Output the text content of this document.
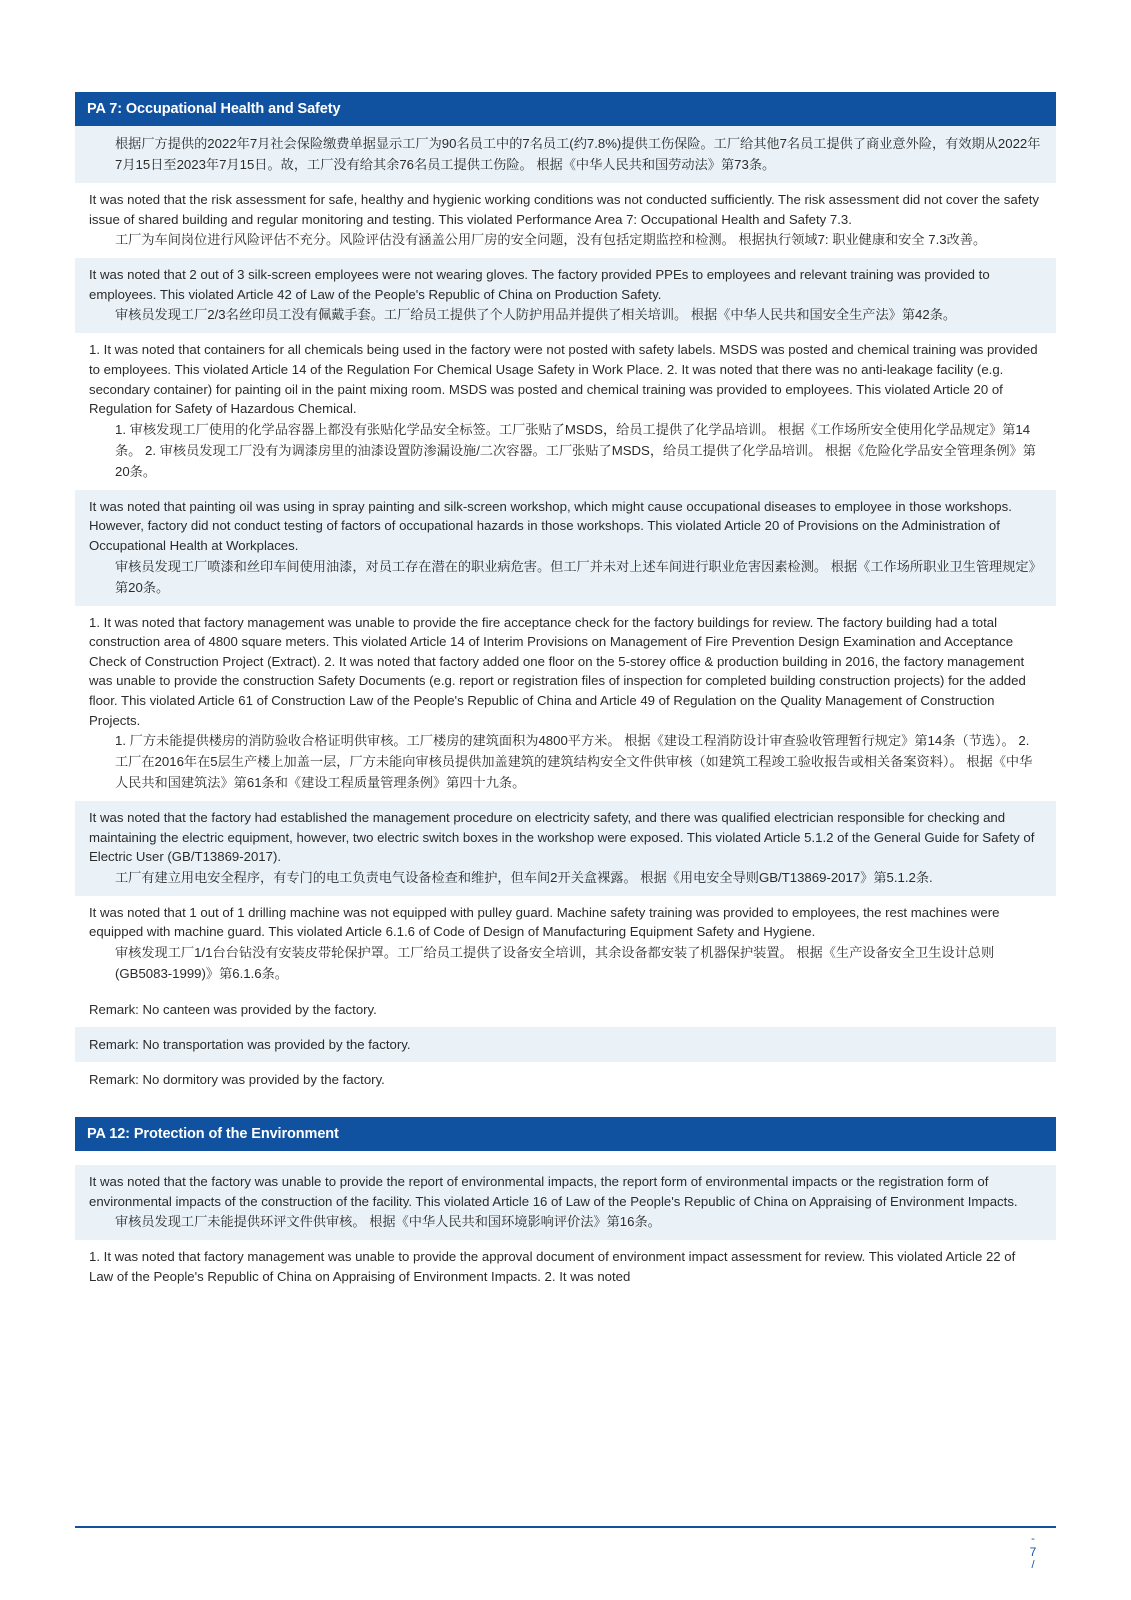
PA 7: Occupational Health and Safety

根据厂方提供的2022年7月社会保险缴费单据显示工厂为90名员工中的7名员工(约7.8%)提供工伤保险。工厂给其他7名员工提供了商业意外险，有效期从2022年7月15日至2023年7月15日。故，工厂没有给其余76名员工提供工伤险。 根据《中华人民共和国劳动法》第73条。

It was noted that the risk assessment for safe, healthy and hygienic working conditions was not conducted sufficiently. The risk assessment did not cover the safety issue of shared building and regular monitoring and testing. This violated Performance Area 7: Occupational Health and Safety 7.3.

工厂为车间岗位进行风险评估不充分。风险评估没有涵盖公用厂房的安全问题，没有包括定期监控和检测。 根据执行领域7: 职业健康和安全 7.3改善。

It was noted that 2 out of 3 silk-screen employees were not wearing gloves. The factory provided PPEs to employees and relevant training was provided to employees. This violated Article 42 of Law of the People's Republic of China on Production Safety.

审核员发现工厂2/3名丝印员工没有佩戴手套。工厂给员工提供了个人防护用品并提供了相关培训。 根据《中华人民共和国安全生产法》第42条。

1. It was noted that containers for all chemicals being used in the factory were not posted with safety labels. MSDS was posted and chemical training was provided to employees. This violated Article 14 of the Regulation For Chemical Usage Safety in Work Place. 2. It was noted that there was no anti-leakage facility (e.g. secondary container) for painting oil in the paint mixing room. MSDS was posted and chemical training was provided to employees. This violated Article 20 of Regulation for Safety of Hazardous Chemical.

1. 审核发现工厂使用的化学品容器上都没有张贴化学品安全标签。工厂张贴了MSDS，给员工提供了化学品培训。 根据《工作场所安全使用化学品规定》第14条。 2. 审核员发现工厂没有为调漆房里的油漆设置防渗漏设施/二次容器。工厂张贴了MSDS，给员工提供了化学品培训。 根据《危险化学品安全管理条例》第20条。

It was noted that painting oil was using in spray painting and silk-screen workshop, which might cause occupational diseases to employee in those workshops. However, factory did not conduct testing of factors of occupational hazards in those workshops. This violated Article 20 of Provisions on the Administration of Occupational Health at Workplaces.

审核员发现工厂喷漆和丝印车间使用油漆，对员工存在潜在的职业病危害。但工厂并未对上述车间进行职业危害因素检测。 根据《工作场所职业卫生管理规定》第20条。

1. It was noted that factory management was unable to provide the fire acceptance check for the factory buildings for review. The factory building had a total construction area of 4800 square meters. This violated Article 14 of Interim Provisions on Management of Fire Prevention Design Examination and Acceptance Check of Construction Project (Extract). 2. It was noted that factory added one floor on the 5-storey office & production building in 2016, the factory management was unable to provide the construction Safety Documents (e.g. report or registration files of inspection for completed building construction projects) for the added floor. This violated Article 61 of Construction Law of the People's Republic of China and Article 49 of Regulation on the Quality Management of Construction Projects.

1. 厂方未能提供楼房的消防验收合格证明供审核。工厂楼房的建筑面积为4800平方米。 根据《建设工程消防设计审查验收管理暂行规定》第14条（节选）。 2. 工厂在2016年在5层生产楼上加盖一层，厂方未能向审核员提供加盖建筑的建筑结构安全文件供审核（如建筑工程竣工验收报告或相关备案资料）。 根据《中华人民共和国建筑法》第61条和《建设工程质量管理条例》第四十九条。

It was noted that the factory had established the management procedure on electricity safety, and there was qualified electrician responsible for checking and maintaining the electric equipment, however, two electric switch boxes in the workshop were exposed. This violated Article 5.1.2 of the General Guide for Safety of Electric User (GB/T13869-2017).

工厂有建立用电安全程序，有专门的电工负责电气设备检查和维护，但车间2开关盒裸露。 根据《用电安全导则GB/T13869-2017》第5.1.2条.

It was noted that 1 out of 1 drilling machine was not equipped with pulley guard. Machine safety training was provided to employees, the rest machines were equipped with machine guard. This violated Article 6.1.6 of Code of Design of Manufacturing Equipment Safety and Hygiene.

审核发现工厂1/1台台钻没有安装皮带轮保护罩。工厂给员工提供了设备安全培训，其余设备都安装了机器保护装置。 根据《生产设备安全卫生设计总则(GB5083-1999)》第6.1.6条。

Remark: No canteen was provided by the factory.
Remark: No transportation was provided by the factory.
Remark: No dormitory was provided by the factory.
PA 12: Protection of the Environment

It was noted that the factory was unable to provide the report of environmental impacts, the report form of environmental impacts or the registration form of environmental impacts of the construction of the facility. This violated Article 16 of Law of the People's Republic of China on Appraising of Environment Impacts.

审核员发现工厂未能提供环评文件供审核。 根据《中华人民共和国环境影响评价法》第16条。

1. It was noted that factory management was unable to provide the approval document of environment impact assessment for review. This violated Article 22 of Law of the People's Republic of China on Appraising of Environment Impacts. 2. It was noted

-
7
/
